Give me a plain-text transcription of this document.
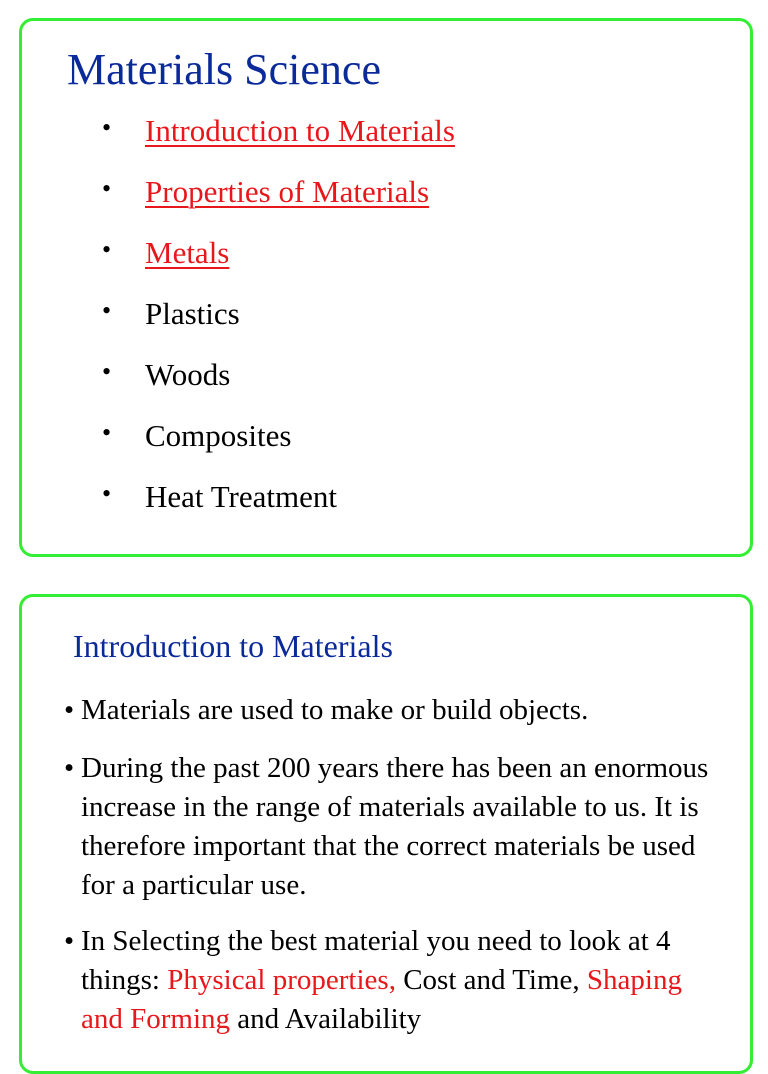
Materials Science
• Introduction to Materials
• Properties of Materials
• Metals
• Plastics
• Woods
• Composites
• Heat Treatment
Introduction to Materials
• Materials are used to make or build objects.
• During the past 200 years there has been an enormous increase in the range of materials available to us. It is therefore important that the correct materials be used for a particular use.
• In Selecting the best material you need to look at 4 things: Physical properties, Cost and Time, Shaping and Forming and Availability
